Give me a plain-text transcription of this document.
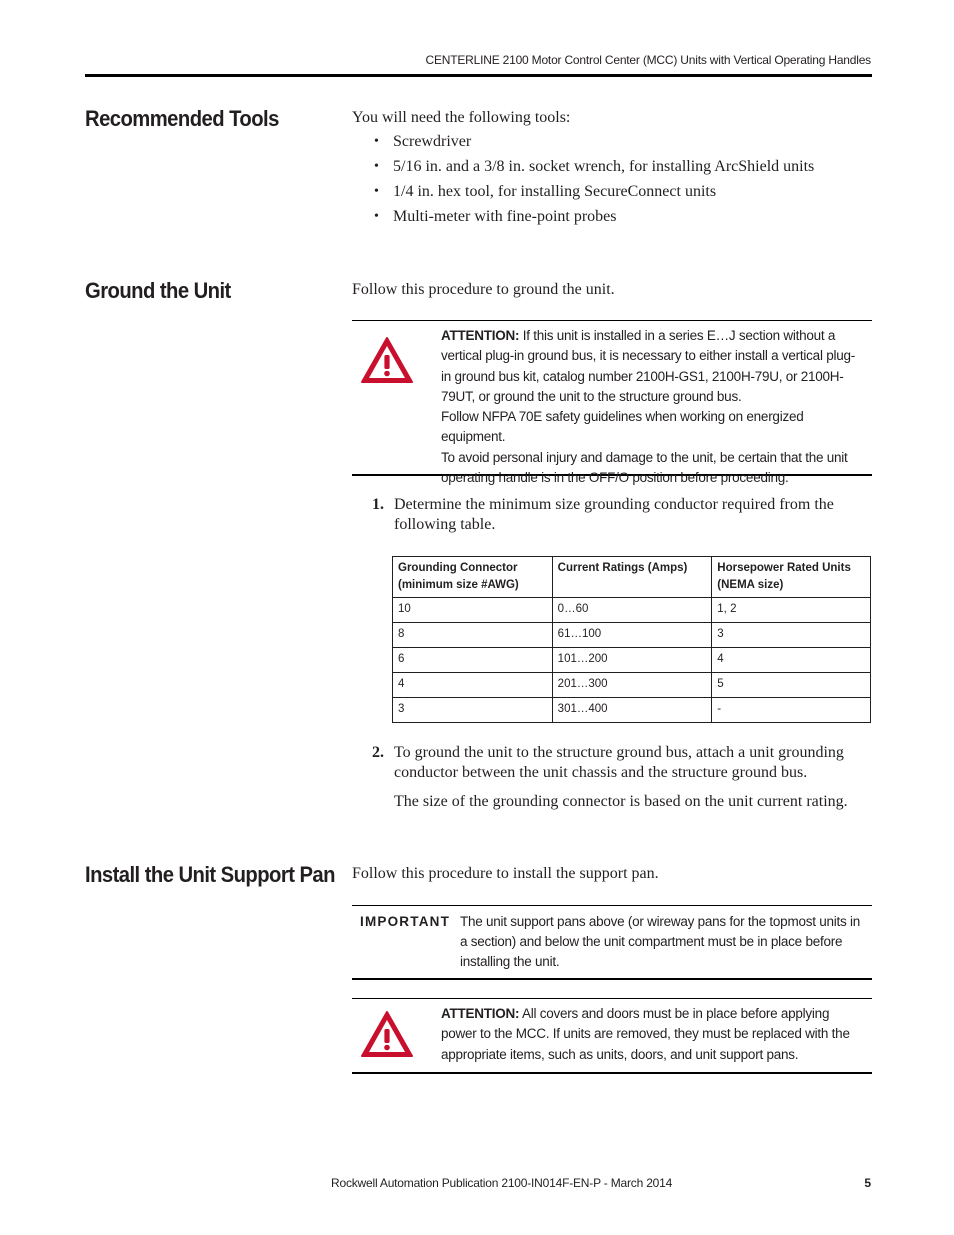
CENTERLINE 2100 Motor Control Center (MCC) Units with Vertical Operating Handles
Recommended Tools	You will need the following tools:
• Screwdriver
• 5/16 in. and a 3/8 in. socket wrench, for installing ArcShield units
• 1/4 in. hex tool, for installing SecureConnect units
• Multi-meter with fine-point probes
Ground the Unit	Follow this procedure to ground the unit.
ATTENTION: If this unit is installed in a series E…J section without a vertical plug-in ground bus, it is necessary to either install a vertical plug-in ground bus kit, catalog number 2100H-GS1, 2100H-79U, or 2100H-79UT, or ground the unit to the structure ground bus.
Follow NFPA 70E safety guidelines when working on energized equipment.
To avoid personal injury and damage to the unit, be certain that the unit operating handle is in the OFF/O position before proceeding.
1. Determine the minimum size grounding conductor required from the following table.
Grounding Connector (minimum size #AWG)	Current Ratings (Amps)	Horsepower Rated Units (NEMA size)
10	0…60	1, 2
8	61…100	3
6	101…200	4
4	201…300	5
3	301…400	-
2. To ground the unit to the structure ground bus, attach a unit grounding conductor between the unit chassis and the structure ground bus.
The size of the grounding connector is based on the unit current rating.
Install the Unit Support Pan Follow this procedure to install the support pan.
IMPORTANT The unit support pans above (or wireway pans for the topmost units in a section) and below the unit compartment must be in place before installing the unit.
ATTENTION: All covers and doors must be in place before applying power to the MCC. If units are removed, they must be replaced with the appropriate items, such as units, doors, and unit support pans.
Rockwell Automation Publication 2100-IN014F-EN-P - March 2014	5
